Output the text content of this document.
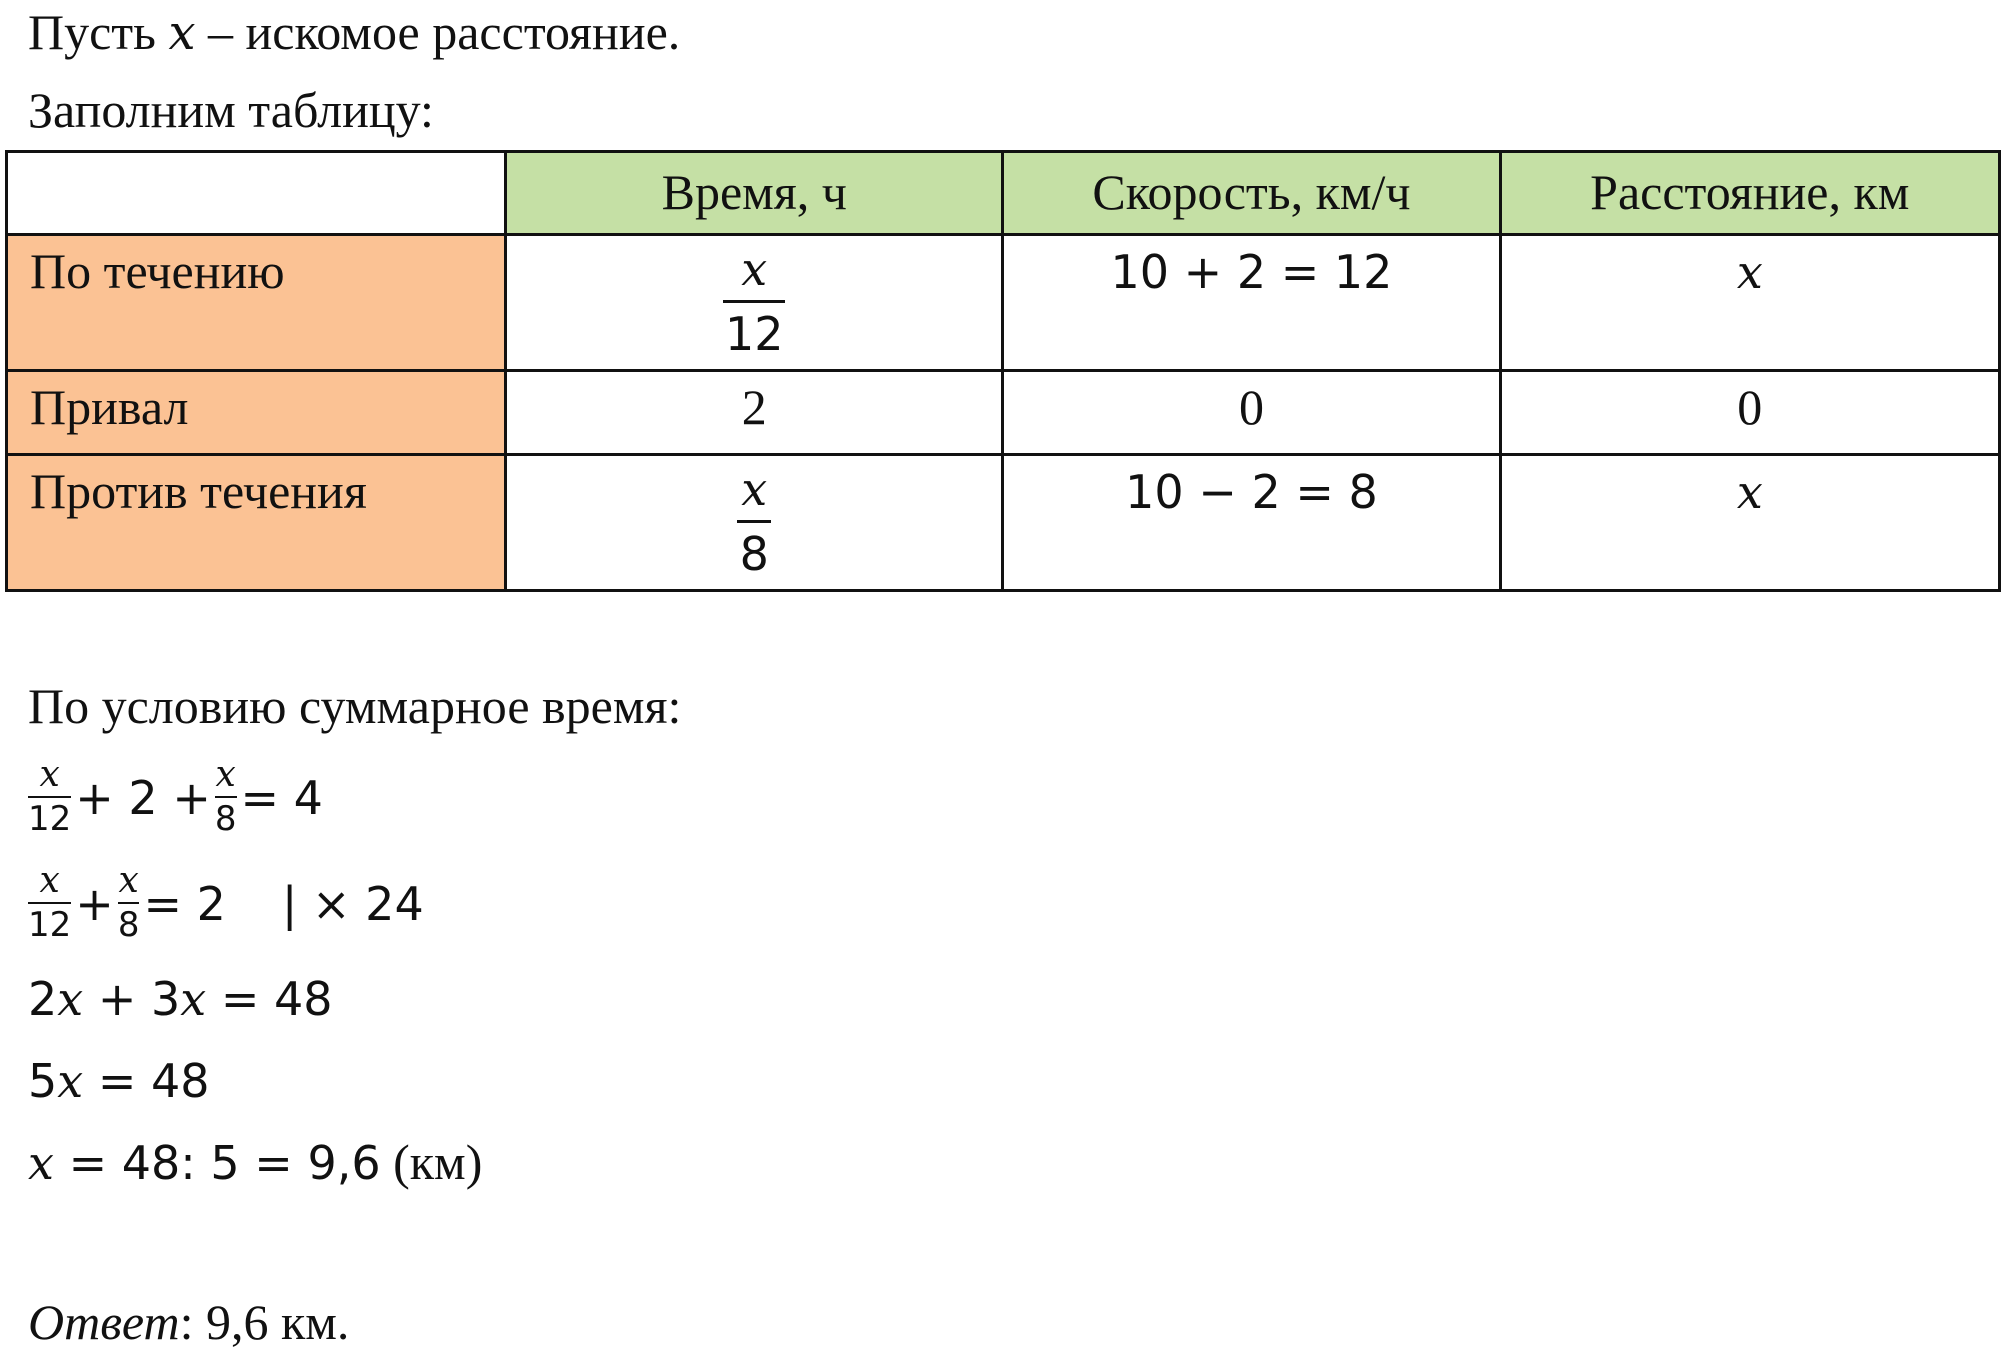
Пусть x – искомое расстояние.
Заполним таблицу:
	Время, ч	Скорость, км/ч	Расстояние, км
По течению	$\frac{x}{12}$	10 + 2 = 12	x
Привал	2	0	0
Против течения	$\frac{x}{8}$	10 − 2 = 8	x
По условию суммарное время:
$\frac{x}{12} + 2 + \frac{x}{8} = 4$
$\frac{x}{12} + \frac{x}{8} = 2$ | × 24
2x + 3x = 48
5x = 48
x = 48: 5 = 9,6 (км)
Ответ: 9,6 км.
